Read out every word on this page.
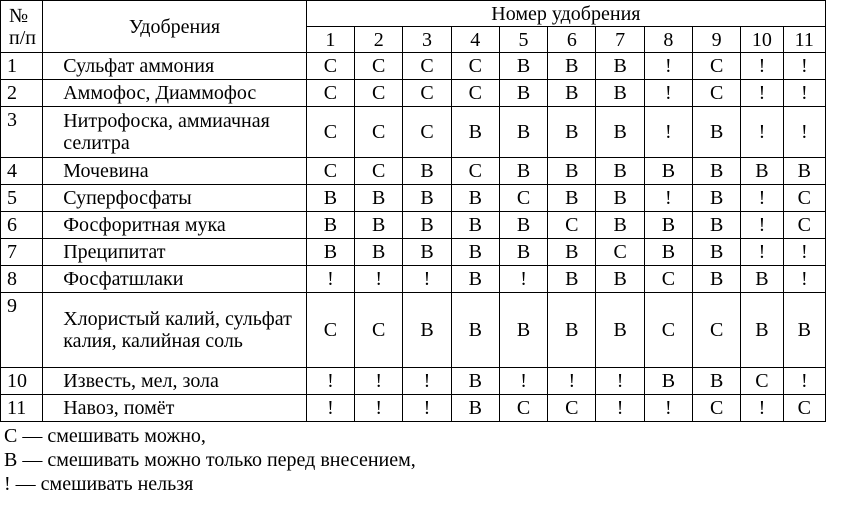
№
п/п	Удобрения	Номер удобрения										
		1	2	3	4	5	6	7	8	9	10	11
1	Сульфат аммония	С	С	С	С	В	В	В	!	С	!	!
2	Аммофос, Диаммофос	С	С	С	С	В	В	В	!	С	!	!
3	Нитрофоска, аммиачная селитра	С	С	С	В	В	В	В	!	В	!	!
4	Мочевина	С	С	В	С	В	В	В	В	В	В	В
5	Суперфосфаты	В	В	В	В	С	В	В	!	В	!	С
6	Фосфоритная мука	В	В	В	В	В	С	В	В	В	!	С
7	Преципитат	В	В	В	В	В	В	С	В	В	!	!
8	Фосфатшлаки	!	!	!	В	!	В	В	С	В	В	!
9	Хлористый калий, сульфат калия, калийная соль	С	С	В	В	В	В	В	С	С	В	В
10	Известь, мел, зола	!	!	!	В	!	!	!	В	В	С	!
11	Навоз, помёт	!	!	!	В	С	С	!	!	С	!	С
С — смешивать можно,
В — смешивать можно только перед внесением,
! — смешивать нельзя
